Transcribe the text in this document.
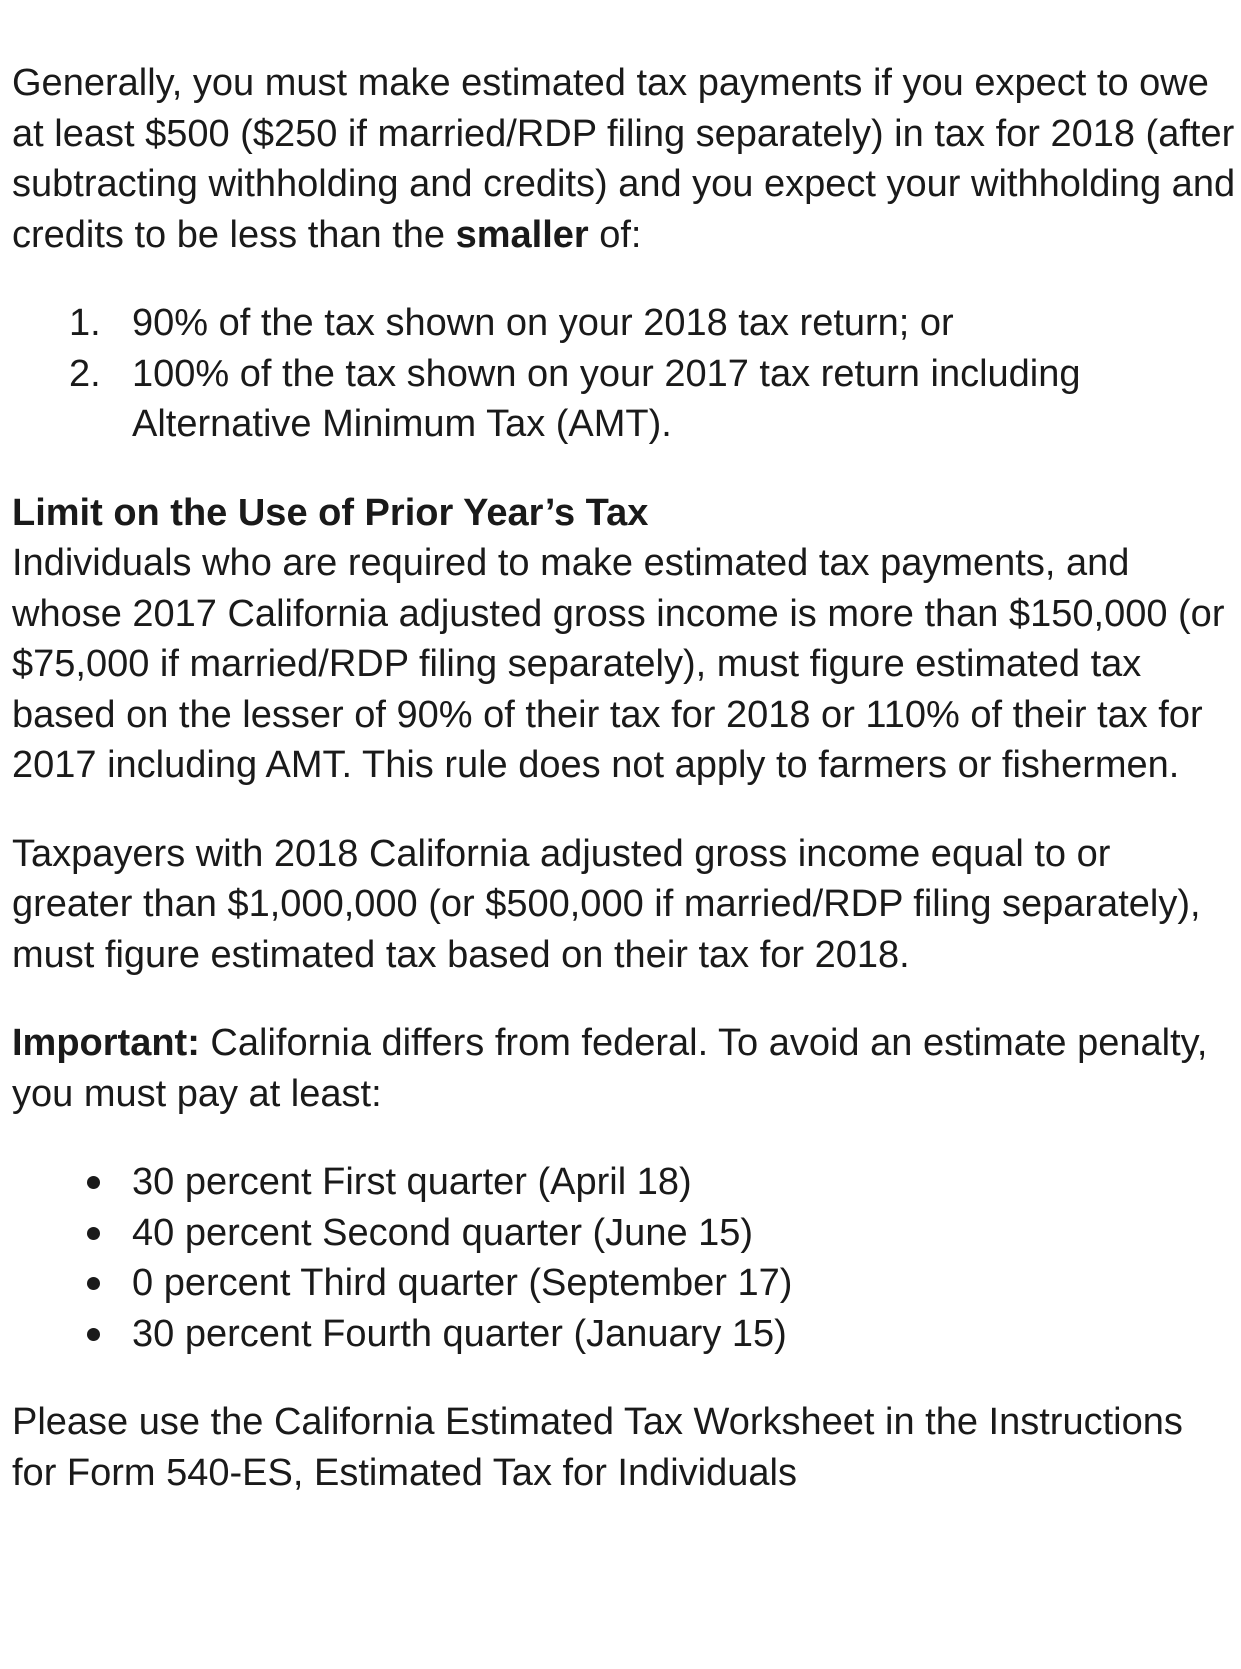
Generally, you must make estimated tax payments if you expect to owe at least $500 ($250 if married/RDP filing separately) in tax for 2018 (after subtracting withholding and credits) and you expect your withholding and credits to be less than the smaller of:

1. 90% of the tax shown on your 2018 tax return; or
2. 100% of the tax shown on your 2017 tax return including Alternative Minimum Tax (AMT).

Limit on the Use of Prior Year’s Tax

Individuals who are required to make estimated tax payments, and whose 2017 California adjusted gross income is more than $150,000 (or $75,000 if married/RDP filing separately), must figure estimated tax based on the lesser of 90% of their tax for 2018 or 110% of their tax for 2017 including AMT. This rule does not apply to farmers or fishermen.

Taxpayers with 2018 California adjusted gross income equal to or greater than $1,000,000 (or $500,000 if married/RDP filing separately), must figure estimated tax based on their tax for 2018.

Important: California differs from federal. To avoid an estimate penalty, you must pay at least:

30 percent First quarter (April 18)
40 percent Second quarter (June 15)
0 percent Third quarter (September 17)
30 percent Fourth quarter (January 15)

Please use the California Estimated Tax Worksheet in the Instructions for Form 540-ES, Estimated Tax for Individuals
